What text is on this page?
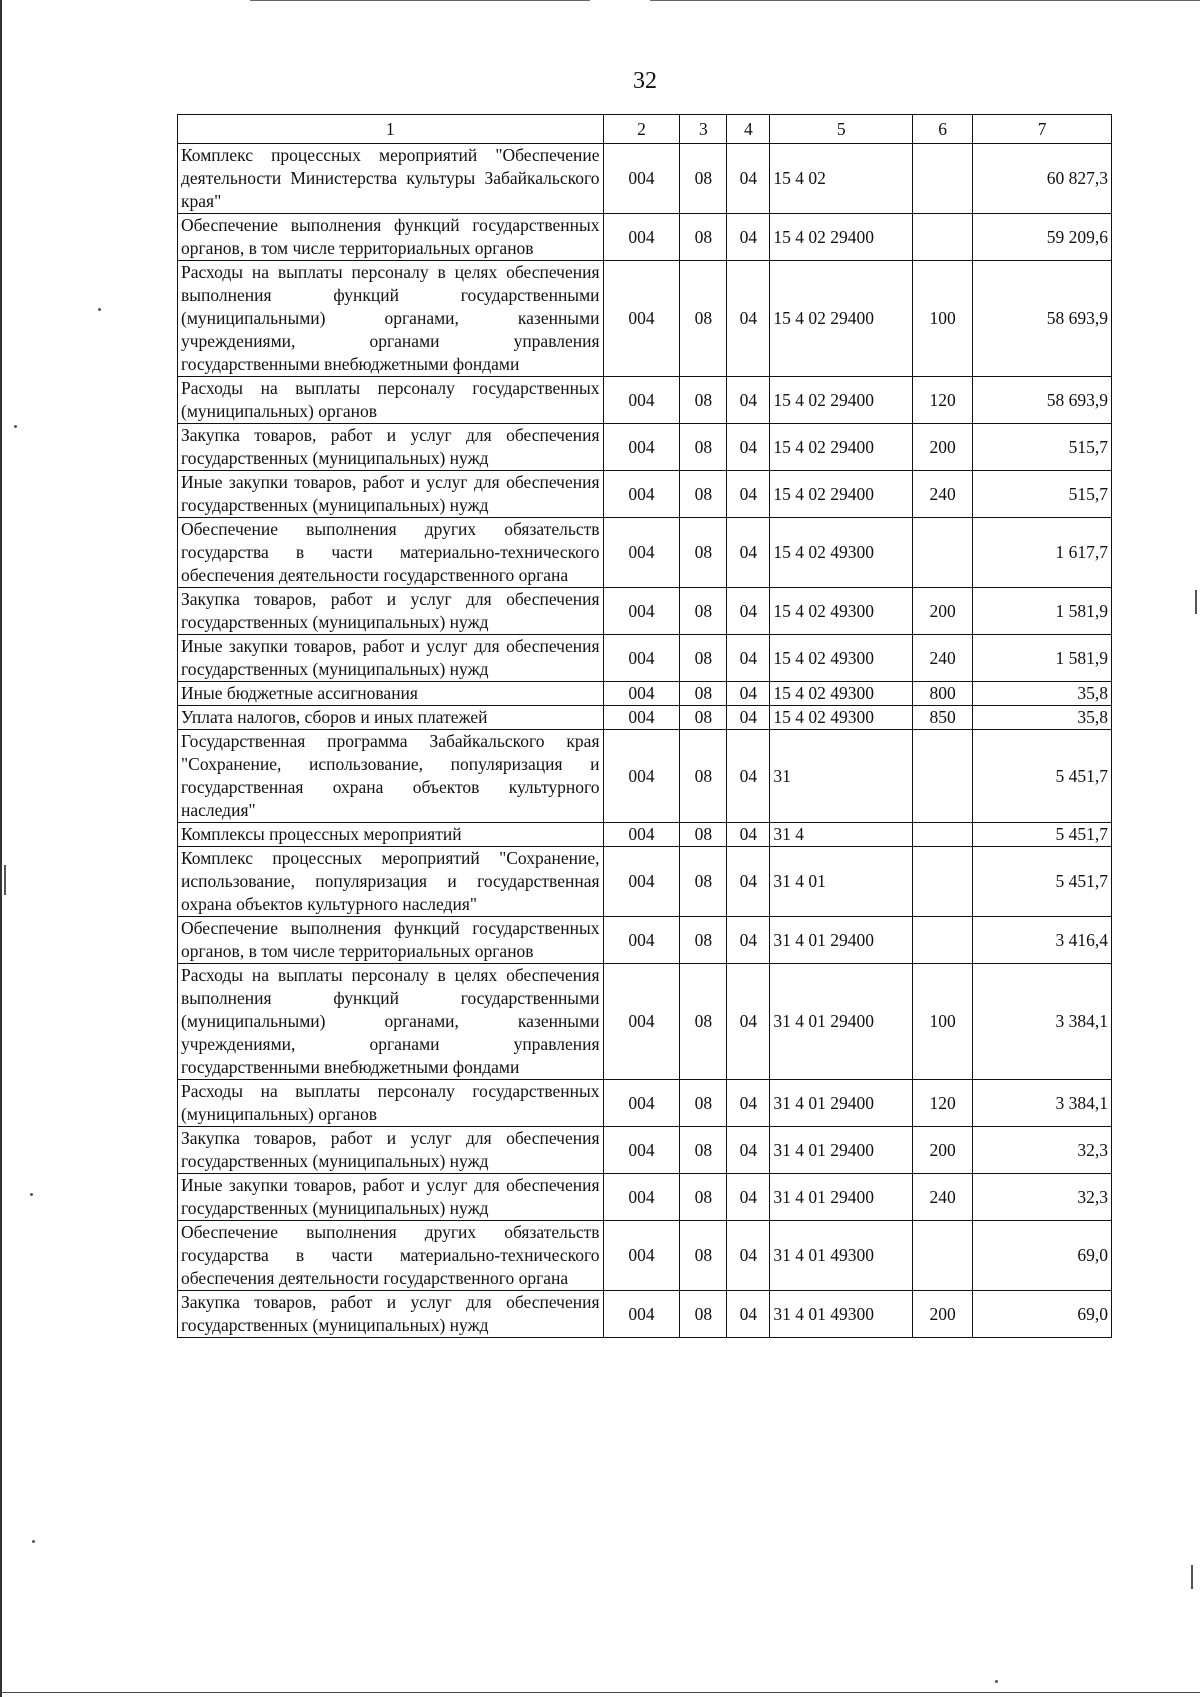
32
1	2	3	4	5	6	7
Комплекс процессных мероприятий "Обеспечение деятельности Министерства культуры Забайкальского края"	004	08	04	15 4 02		60 827,3
Обеспечение выполнения функций государственных органов, в том числе территориальных органов	004	08	04	15 4 02 29400		59 209,6
Расходы на выплаты персоналу в целях обеспечения выполнения функций государственными (муниципальными) органами, казенными учреждениями, органами управления государственными внебюджетными фондами	004	08	04	15 4 02 29400	100	58 693,9
Расходы на выплаты персоналу государственных (муниципальных) органов	004	08	04	15 4 02 29400	120	58 693,9
Закупка товаров, работ и услуг для обеспечения государственных (муниципальных) нужд	004	08	04	15 4 02 29400	200	515,7
Иные закупки товаров, работ и услуг для обеспечения государственных (муниципальных) нужд	004	08	04	15 4 02 29400	240	515,7
Обеспечение выполнения других обязательств государства в части материально-технического обеспечения деятельности государственного органа	004	08	04	15 4 02 49300		1 617,7
Закупка товаров, работ и услуг для обеспечения государственных (муниципальных) нужд	004	08	04	15 4 02 49300	200	1 581,9
Иные закупки товаров, работ и услуг для обеспечения государственных (муниципальных) нужд	004	08	04	15 4 02 49300	240	1 581,9
Иные бюджетные ассигнования	004	08	04	15 4 02 49300	800	35,8
Уплата налогов, сборов и иных платежей	004	08	04	15 4 02 49300	850	35,8
Государственная программа Забайкальского края "Сохранение, использование, популяризация и государственная охрана объектов культурного наследия"	004	08	04	31		5 451,7
Комплексы процессных мероприятий	004	08	04	31 4		5 451,7
Комплекс процессных мероприятий "Сохранение, использование, популяризация и государственная охрана объектов культурного наследия"	004	08	04	31 4 01		5 451,7
Обеспечение выполнения функций государственных органов, в том числе территориальных органов	004	08	04	31 4 01 29400		3 416,4
Расходы на выплаты персоналу в целях обеспечения выполнения функций государственными (муниципальными) органами, казенными учреждениями, органами управления государственными внебюджетными фондами	004	08	04	31 4 01 29400	100	3 384,1
Расходы на выплаты персоналу государственных (муниципальных) органов	004	08	04	31 4 01 29400	120	3 384,1
Закупка товаров, работ и услуг для обеспечения государственных (муниципальных) нужд	004	08	04	31 4 01 29400	200	32,3
Иные закупки товаров, работ и услуг для обеспечения государственных (муниципальных) нужд	004	08	04	31 4 01 29400	240	32,3
Обеспечение выполнения других обязательств государства в части материально-технического обеспечения деятельности государственного органа	004	08	04	31 4 01 49300		69,0
Закупка товаров, работ и услуг для обеспечения государственных (муниципальных) нужд	004	08	04	31 4 01 49300	200	69,0
